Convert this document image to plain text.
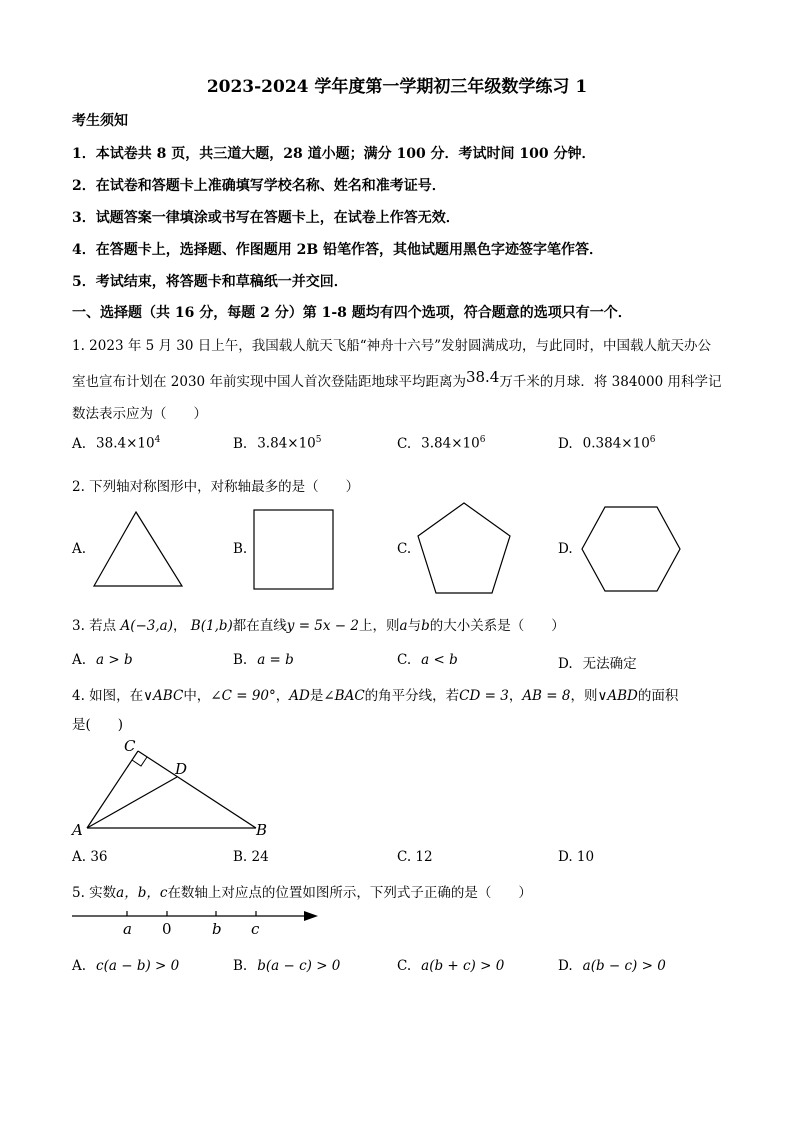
2023-2024 学年度第一学期初三年级数学练习 1
考生须知
1．本试卷共 8 页，共三道大题，28 道小题；满分 100 分．考试时间 100 分钟．
2．在试卷和答题卡上准确填写学校名称、姓名和准考证号．
3．试题答案一律填涂或书写在答题卡上，在试卷上作答无效．
4．在答题卡上，选择题、作图题用 2B 铅笔作答，其他试题用黑色字迹签字笔作答．
5．考试结束，将答题卡和草稿纸一并交回．
一、选择题（共 16 分，每题 2 分）第 1-8 题均有四个选项，符合题意的选项只有一个．
1. 2023 年 5 月 30 日上午，我国载人航天飞船“神舟十六号”发射圆满成功，与此同时，中国载人航天办公
室也宣布计划在 2030 年前实现中国人首次登陆距地球平均距离为38.4万千米的月球．将 384000 用科学记
数法表示应为（　　）
A. $38.4\times 10^4$	B. $3.84\times 10^5$	C. $3.84\times 10^6$	D. $0.384\times 10^6$
2. 下列轴对称图形中，对称轴最多的是（　　）
A.	B.	C.	D.
3. 若点 A(−3,a)， B(1,b)都在直线y = 5x − 2上，则a与b的大小关系是（　　）
A. a > b	B. a = b	C. a < b	D. 无法确定
4. 如图，在∨ABC中，∠C = 90°，AD是∠BAC的角平分线，若CD = 3，AB = 8，则∨ABD的面积
是(　　)
C
D
A	B
A. 36	B. 24	C. 12	D. 10
5. 实数a，b，c在数轴上对应点的位置如图所示，下列式子正确的是（　　）
a 0	b c
A. c(a − b) > 0	B. b(a − c) > 0	C. a(b + c) > 0	D. a(b − c) > 0
